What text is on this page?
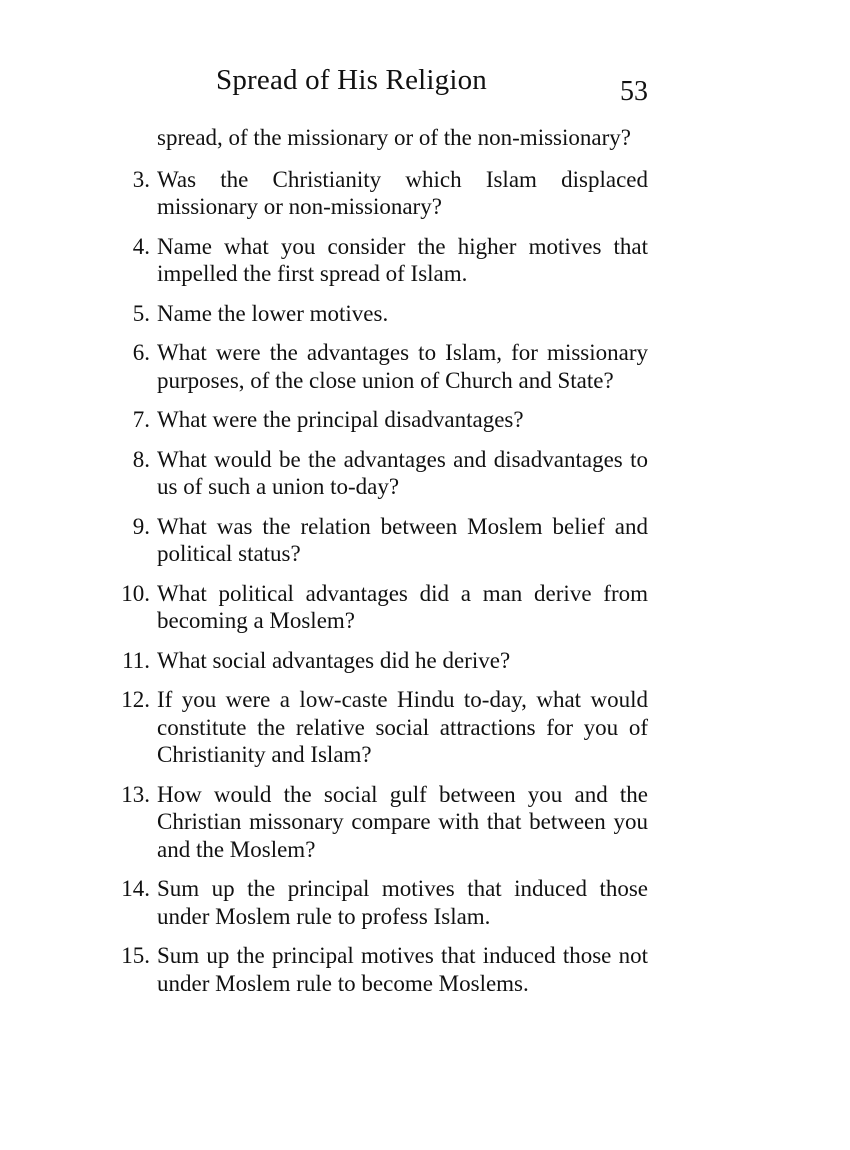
Spread of His Religion	53
spread, of the missionary or of the non-missionary?
3. Was the Christianity which Islam displaced missionary or non-missionary?
4. Name what you consider the higher motives that impelled the first spread of Islam.
5. Name the lower motives.
6. What were the advantages to Islam, for missionary purposes, of the close union of Church and State?
7. What were the principal disadvantages?
8. What would be the advantages and disadvantages to us of such a union to-day?
9. What was the relation between Moslem belief and political status?
10. What political advantages did a man derive from becoming a Moslem?
11. What social advantages did he derive?
12. If you were a low-caste Hindu to-day, what would constitute the relative social attractions for you of Christianity and Islam?
13. How would the social gulf between you and the Christian missonary compare with that between you and the Moslem?
14. Sum up the principal motives that induced those under Moslem rule to profess Islam.
15. Sum up the principal motives that induced those not under Moslem rule to become Moslems.
